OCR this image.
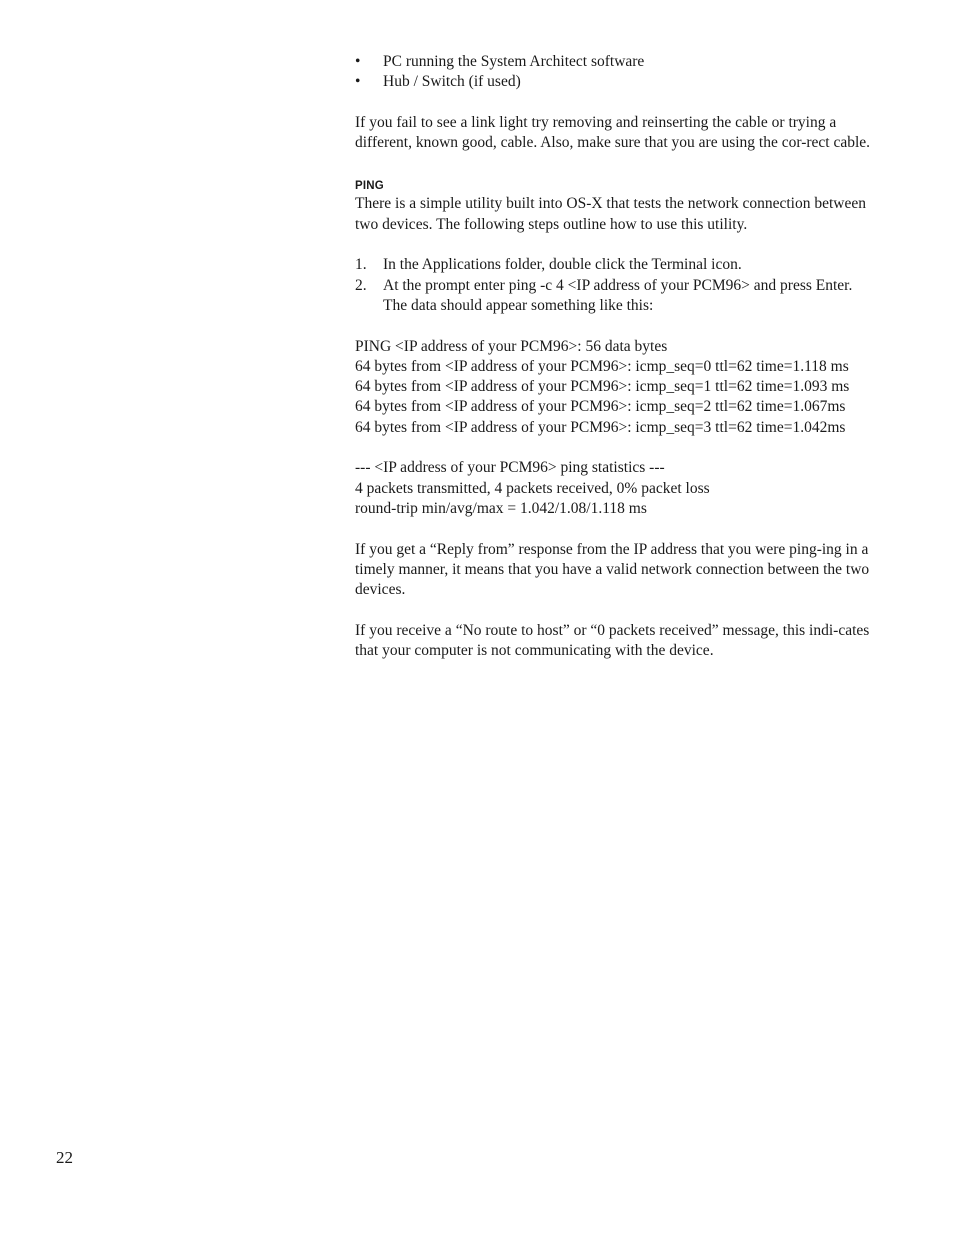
• PC running the System Architect software
• Hub / Switch (if used)

If you fail to see a link light try removing and reinserting the cable or trying a different, known good, cable. Also, make sure that you are using the cor-rect cable.

PING

There is a simple utility built into OS-X that tests the network connection between two devices. The following steps outline how to use this utility.

1. In the Applications folder, double click the Terminal icon.
2. At the prompt enter ping -c 4 <IP address of your PCM96> and press Enter. The data should appear something like this:

PING <IP address of your PCM96>: 56 data bytes

64 bytes from <IP address of your PCM96>: icmp_seq=0 ttl=62 time=1.118 ms

64 bytes from <IP address of your PCM96>: icmp_seq=1 ttl=62 time=1.093 ms

64 bytes from <IP address of your PCM96>: icmp_seq=2 ttl=62 time=1.067ms

64 bytes from <IP address of your PCM96>: icmp_seq=3 ttl=62 time=1.042ms

--- <IP address of your PCM96> ping statistics ---

4 packets transmitted, 4 packets received, 0% packet loss

round-trip min/avg/max = 1.042/1.08/1.118 ms

If you get a “Reply from” response from the IP address that you were ping-ing in a timely manner, it means that you have a valid network connection between the two devices.

If you receive a “No route to host” or “0 packets received” message, this indi-cates that your computer is not communicating with the device.

22
